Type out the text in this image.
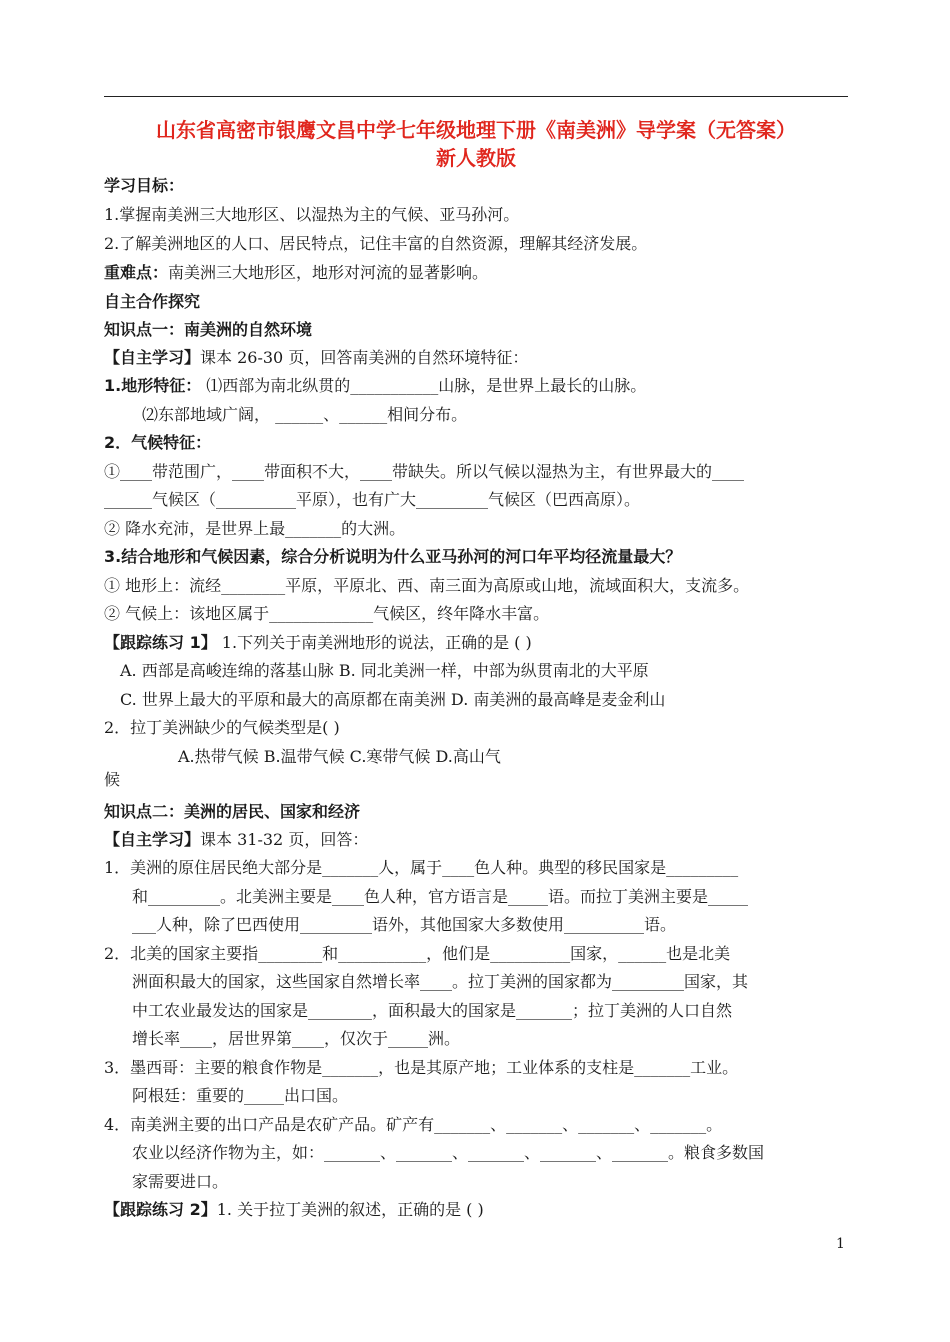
山东省高密市银鹰文昌中学七年级地理下册《南美洲》导学案（无答案）
新人教版
学习目标：
1.掌握南美洲三大地形区、以湿热为主的气候、亚马孙河。
2.了解美洲地区的人口、居民特点，记住丰富的自然资源，理解其经济发展。
重难点：南美洲三大地形区，地形对河流的显著影响。
自主合作探究
知识点一：南美洲的自然环境
【自主学习】课本 26-30 页，回答南美洲的自然环境特征：
1.地形特征： ⑴西部为南北纵贯的___________山脉，是世界上最长的山脉。
⑵东部地域广阔， ______、______相间分布。
2．气候特征：
①____带范围广，____带面积不大，____带缺失。所以气候以湿热为主，有世界最大的____
______气候区（__________平原），也有广大_________气候区（巴西高原）。
② 降水充沛，是世界上最_______的大洲。
3.结合地形和气候因素，综合分析说明为什么亚马孙河的河口年平均径流量最大？
① 地形上：流经________平原，平原北、西、南三面为高原或山地，流域面积大，支流多。
② 气候上：该地区属于_____________气候区，终年降水丰富。
【跟踪练习 1】 1.下列关于南美洲地形的说法，正确的是 ( )
A. 西部是高峻连绵的落基山脉 B. 同北美洲一样，中部为纵贯南北的大平原
C. 世界上最大的平原和最大的高原都在南美洲 D. 南美洲的最高峰是麦金利山
2．拉丁美洲缺少的气候类型是( )
A.热带气候 B.温带气候 C.寒带气候 D.高山气
候
知识点二：美洲的居民、国家和经济
【自主学习】课本 31-32 页，回答：
1．美洲的原住居民绝大部分是_______人，属于____色人种。典型的移民国家是_________
和_________。北美洲主要是____色人种，官方语言是_____语。而拉丁美洲主要是_____
___人种，除了巴西使用_________语外，其他国家大多数使用__________语。
2．北美的国家主要指________和___________，他们是__________国家，______也是北美
洲面积最大的国家，这些国家自然增长率____。拉丁美洲的国家都为_________国家，其
中工农业最发达的国家是________，面积最大的国家是_______；拉丁美洲的人口自然
增长率____，居世界第____，仅次于_____洲。
3．墨西哥：主要的粮食作物是_______，也是其原产地；工业体系的支柱是_______工业。
阿根廷：重要的_____出口国。
4．南美洲主要的出口产品是农矿产品。矿产有_______、_______、_______、_______。
农业以经济作物为主，如：_______、_______、_______、_______、_______。粮食多数国
家需要进口。
【跟踪练习 2】1. 关于拉丁美洲的叙述，正确的是 ( )
1
